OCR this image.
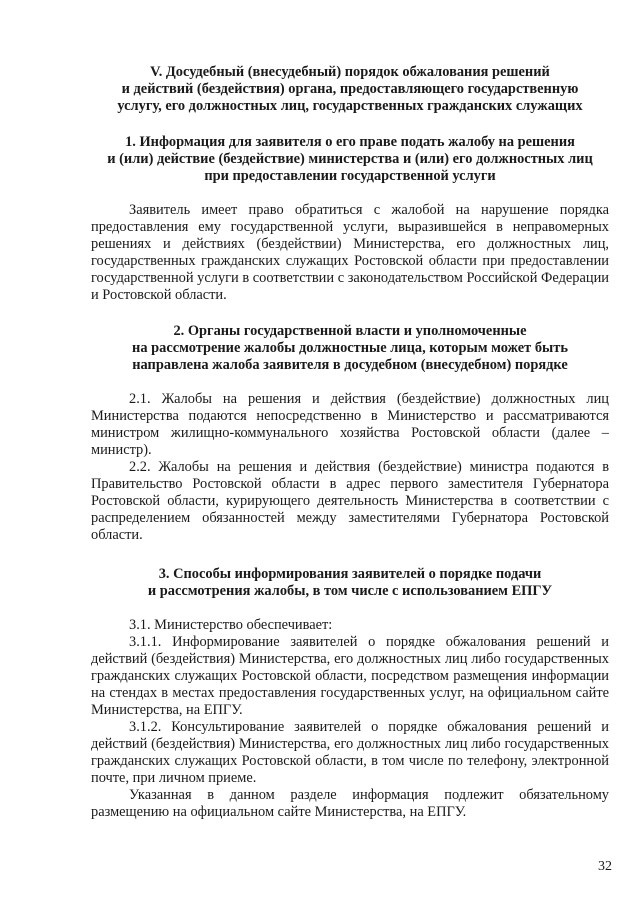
V. Досудебный (внесудебный) порядок обжалования решений
и действий (бездействия) органа, предоставляющего государственную
услугу, его должностных лиц, государственных гражданских служащих
1. Информация для заявителя о его праве подать жалобу на решения
и (или) действие (бездействие) министерства и (или) его должностных лиц
при предоставлении государственной услуги

Заявитель имеет право обратиться с жалобой на нарушение порядка предоставления ему государственной услуги, выразившейся в неправомерных решениях и действиях (бездействии) Министерства, его должностных лиц, государственных гражданских служащих Ростовской области при предоставлении государственной услуги в соответствии с законодательством Российской Федерации и Ростовской области.

2. Органы государственной власти и уполномоченные
на рассмотрение жалобы должностные лица, которым может быть
направлена жалоба заявителя в досудебном (внесудебном) порядке

2.1. Жалобы на решения и действия (бездействие) должностных лиц Министерства подаются непосредственно в Министерство и рассматриваются министром жилищно-коммунального хозяйства Ростовской области (далее – министр).

2.2. Жалобы на решения и действия (бездействие) министра подаются в Правительство Ростовской области в адрес первого заместителя Губернатора Ростовской области, курирующего деятельность Министерства в соответствии с распределением обязанностей между заместителями Губернатора Ростовской области.

3. Способы информирования заявителей о порядке подачи
и рассмотрения жалобы, в том числе с использованием ЕПГУ

3.1. Министерство обеспечивает:

3.1.1. Информирование заявителей о порядке обжалования решений и действий (бездействия) Министерства, его должностных лиц либо государственных гражданских служащих Ростовской области, посредством размещения информации на стендах в местах предоставления государственных услуг, на официальном сайте Министерства, на ЕПГУ.

3.1.2. Консультирование заявителей о порядке обжалования решений и действий (бездействия) Министерства, его должностных лиц либо государственных гражданских служащих Ростовской области, в том числе по телефону, электронной почте, при личном приеме.

Указанная в данном разделе информация подлежит обязательному размещению на официальном сайте Министерства, на ЕПГУ.

32
